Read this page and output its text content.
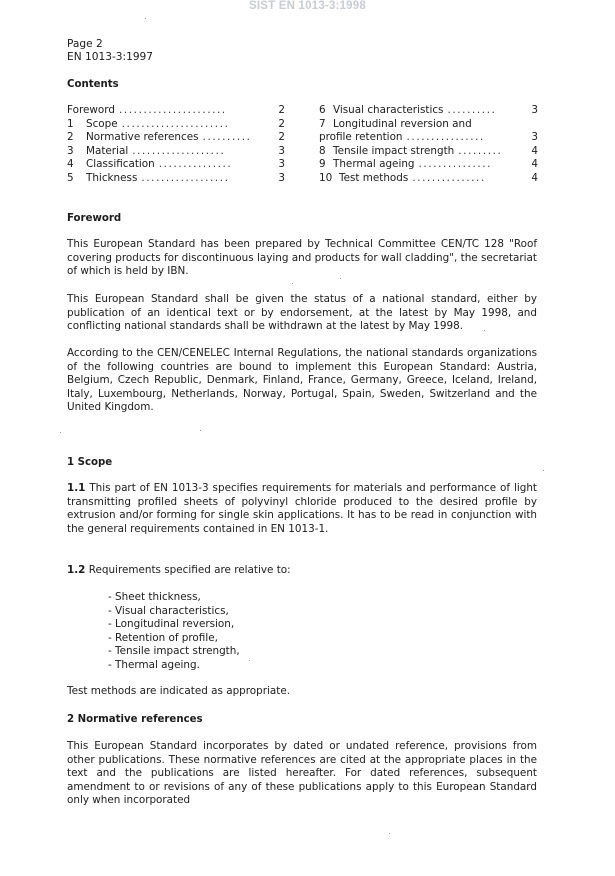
SIST EN 1013-3:1998
Page 2
EN 1013-3:1997
Contents
Foreword ......................	2
1	Scope ......................	2
2	Normative references ..........	2
3	Material ...................	3
4	Classification ...............	3
5	Thickness ..................	3
6 Visual characteristics ..........	3
7 Longitudinal reversion and
profile retention ................	3
8 Tensile impact strength .........	4
9 Thermal ageing ...............	4
10 Test methods ...............	4
Foreword
This European Standard has been prepared by Technical Committee CEN/TC 128 "Roof covering products for discontinuous laying and products for wall cladding", the secretariat of which is held by IBN.
This European Standard shall be given the status of a national standard, either by publication of an identical text or by endorsement, at the latest by May 1998, and conflicting national standards shall be withdrawn at the latest by May 1998.
According to the CEN/CENELEC Internal Regulations, the national standards organizations of the following countries are bound to implement this European Standard: Austria, Belgium, Czech Republic, Denmark, Finland, France, Germany, Greece, Iceland, Ireland, Italy, Luxembourg, Netherlands, Norway, Portugal, Spain, Sweden, Switzerland and the United Kingdom.
1 Scope
1.1 This part of EN 1013-3 specifies requirements for materials and performance of light transmitting profiled sheets of polyvinyl chloride produced to the desired profile by extrusion and/or forming for single skin applications. It has to be read in conjunction with the general requirements contained in EN 1013-1.
1.2 Requirements specified are relative to:
- Sheet thickness,
- Visual characteristics,
- Longitudinal reversion,
- Retention of profile,
- Tensile impact strength,
- Thermal ageing.
Test methods are indicated as appropriate.
2 Normative references
This European Standard incorporates by dated or undated reference, provisions from other publications. These normative references are cited at the appropriate places in the text and the publications are listed hereafter. For dated references, subsequent amendment to or revisions of any of these publications apply to this European Standard only when incorporated
